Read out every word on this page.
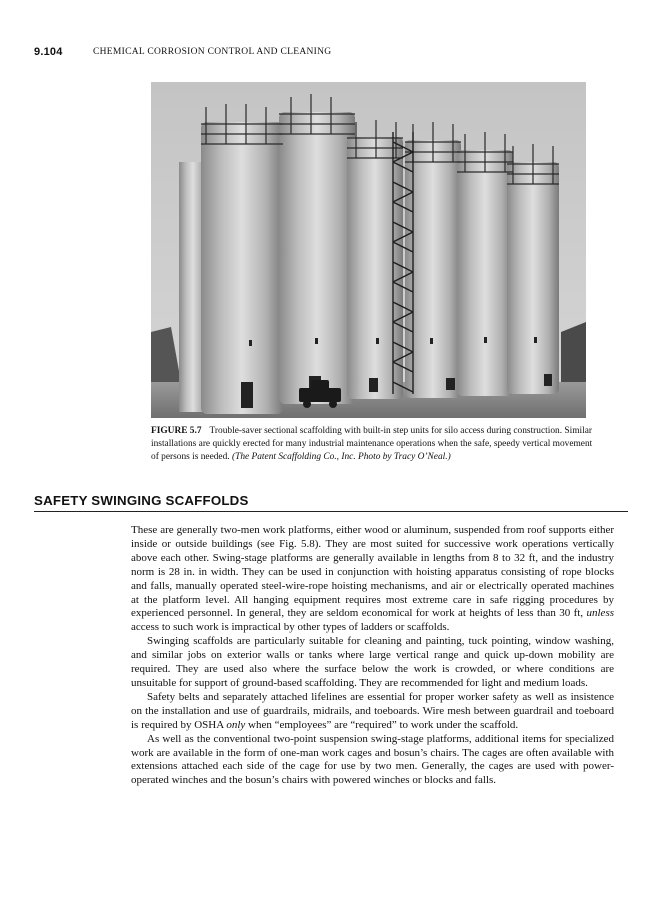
9.104	CHEMICAL CORROSION CONTROL AND CLEANING
FIGURE 5.7 Trouble-saver sectional scaffolding with built-in step units for silo access during construction. Similar installations are quickly erected for many industrial maintenance operations when the safe, speedy vertical movement of persons is needed. (The Patent Scaffolding Co., Inc. Photo by Tracy O’Neal.)
SAFETY SWINGING SCAFFOLDS

These are generally two-men work platforms, either wood or aluminum, suspended from roof supports either inside or outside buildings (see Fig. 5.8). They are most suited for successive work operations vertically above each other. Swing-stage platforms are generally available in lengths from 8 to 32 ft, and the industry norm is 28 in. in width. They can be used in conjunction with hoisting apparatus consisting of rope blocks and falls, manually operated steel-wire-rope hoisting mechanisms, and air or electrically operated machines at the platform level. All hanging equipment requires most extreme care in safe rigging procedures by experienced personnel. In general, they are seldom economical for work at heights of less than 30 ft, unless access to such work is impractical by other types of ladders or scaffolds.

Swinging scaffolds are particularly suitable for cleaning and painting, tuck pointing, window washing, and similar jobs on exterior walls or tanks where large vertical range and quick up-down mobility are required. They are used also where the surface below the work is crowded, or where conditions are unsuitable for support of ground-based scaffolding. They are recommended for light and medium loads.

Safety belts and separately attached lifelines are essential for proper worker safety as well as insistence on the installation and use of guardrails, midrails, and toeboards. Wire mesh between guardrail and toeboard is required by OSHA only when “employees” are “required” to work under the scaffold.

As well as the conventional two-point suspension swing-stage platforms, additional items for specialized work are available in the form of one-man work cages and bosun’s chairs. The cages are often available with extensions attached each side of the cage for use by two men. Generally, the cages are used with power-operated winches and the bosun’s chairs with powered winches or blocks and falls.
